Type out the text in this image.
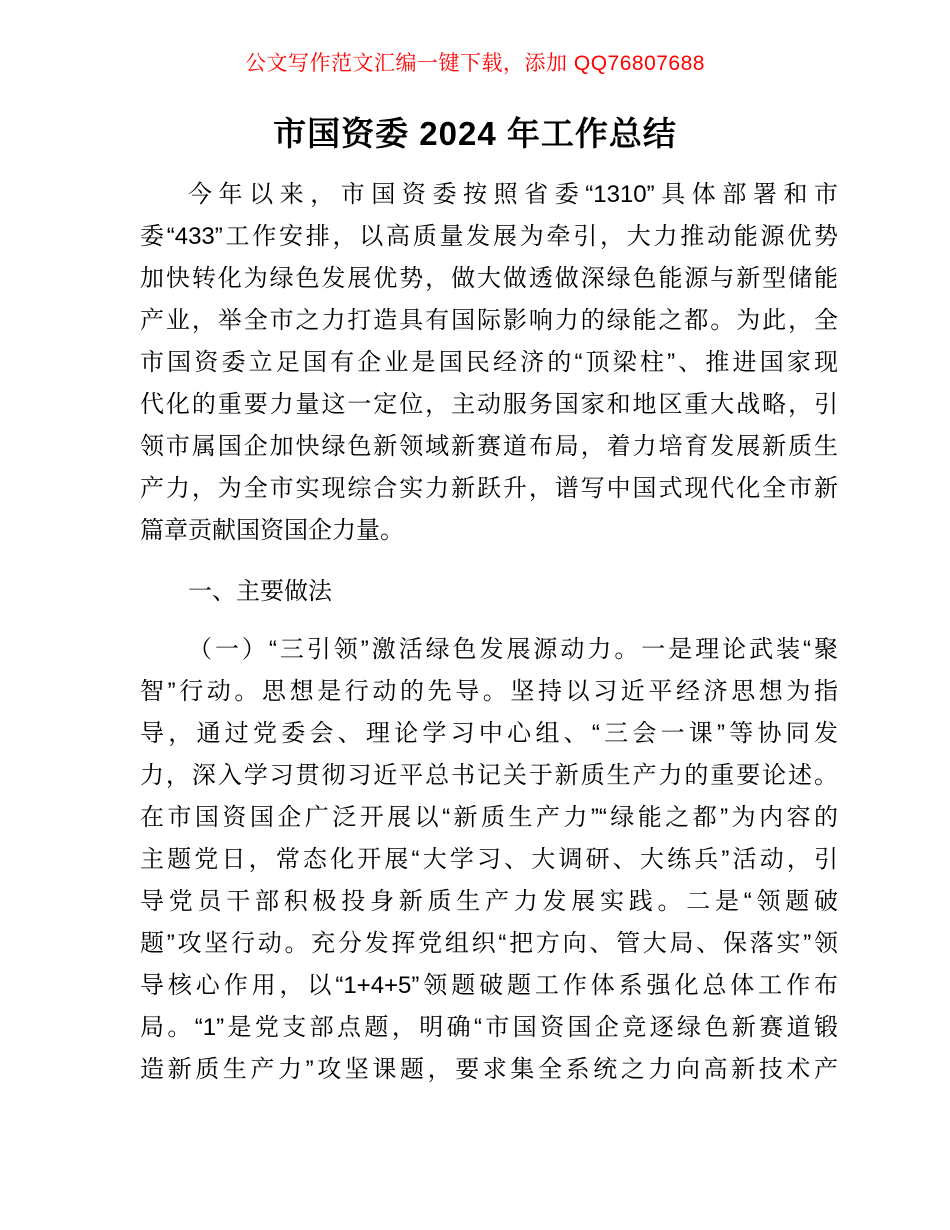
公文写作范文汇编一键下载，添加 QQ76807688
市国资委 2024 年工作总结
今年以来，市国资委按照省委“1310”具体部署和市
委“433”工作安排，以高质量发展为牵引，大力推动能源优势
加快转化为绿色发展优势，做大做透做深绿色能源与新型储能
产业，举全市之力打造具有国际影响力的绿能之都。为此，全
市国资委立足国有企业是国民经济的“顶梁柱”、推进国家现
代化的重要力量这一定位，主动服务国家和地区重大战略，引
领市属国企加快绿色新领域新赛道布局，着力培育发展新质生
产力，为全市实现综合实力新跃升，谱写中国式现代化全市新
篇章贡献国资国企力量。
一、主要做法
（一）“三引领”激活绿色发展源动力。一是理论武装“聚
智”行动。思想是行动的先导。坚持以习近平经济思想为指
导，通过党委会、理论学习中心组、“三会一课”等协同发
力，深入学习贯彻习近平总书记关于新质生产力的重要论述。
在市国资国企广泛开展以“新质生产力”“绿能之都”为内容的
主题党日，常态化开展“大学习、大调研、大练兵”活动，引
导党员干部积极投身新质生产力发展实践。二是“领题破
题”攻坚行动。充分发挥党组织“把方向、管大局、保落实”领
导核心作用，以“1+4+5”领题破题工作体系强化总体工作布
局。“1”是党支部点题，明确“市国资国企竞逐绿色新赛道锻
造新质生产力”攻坚课题，要求集全系统之力向高新技术产
